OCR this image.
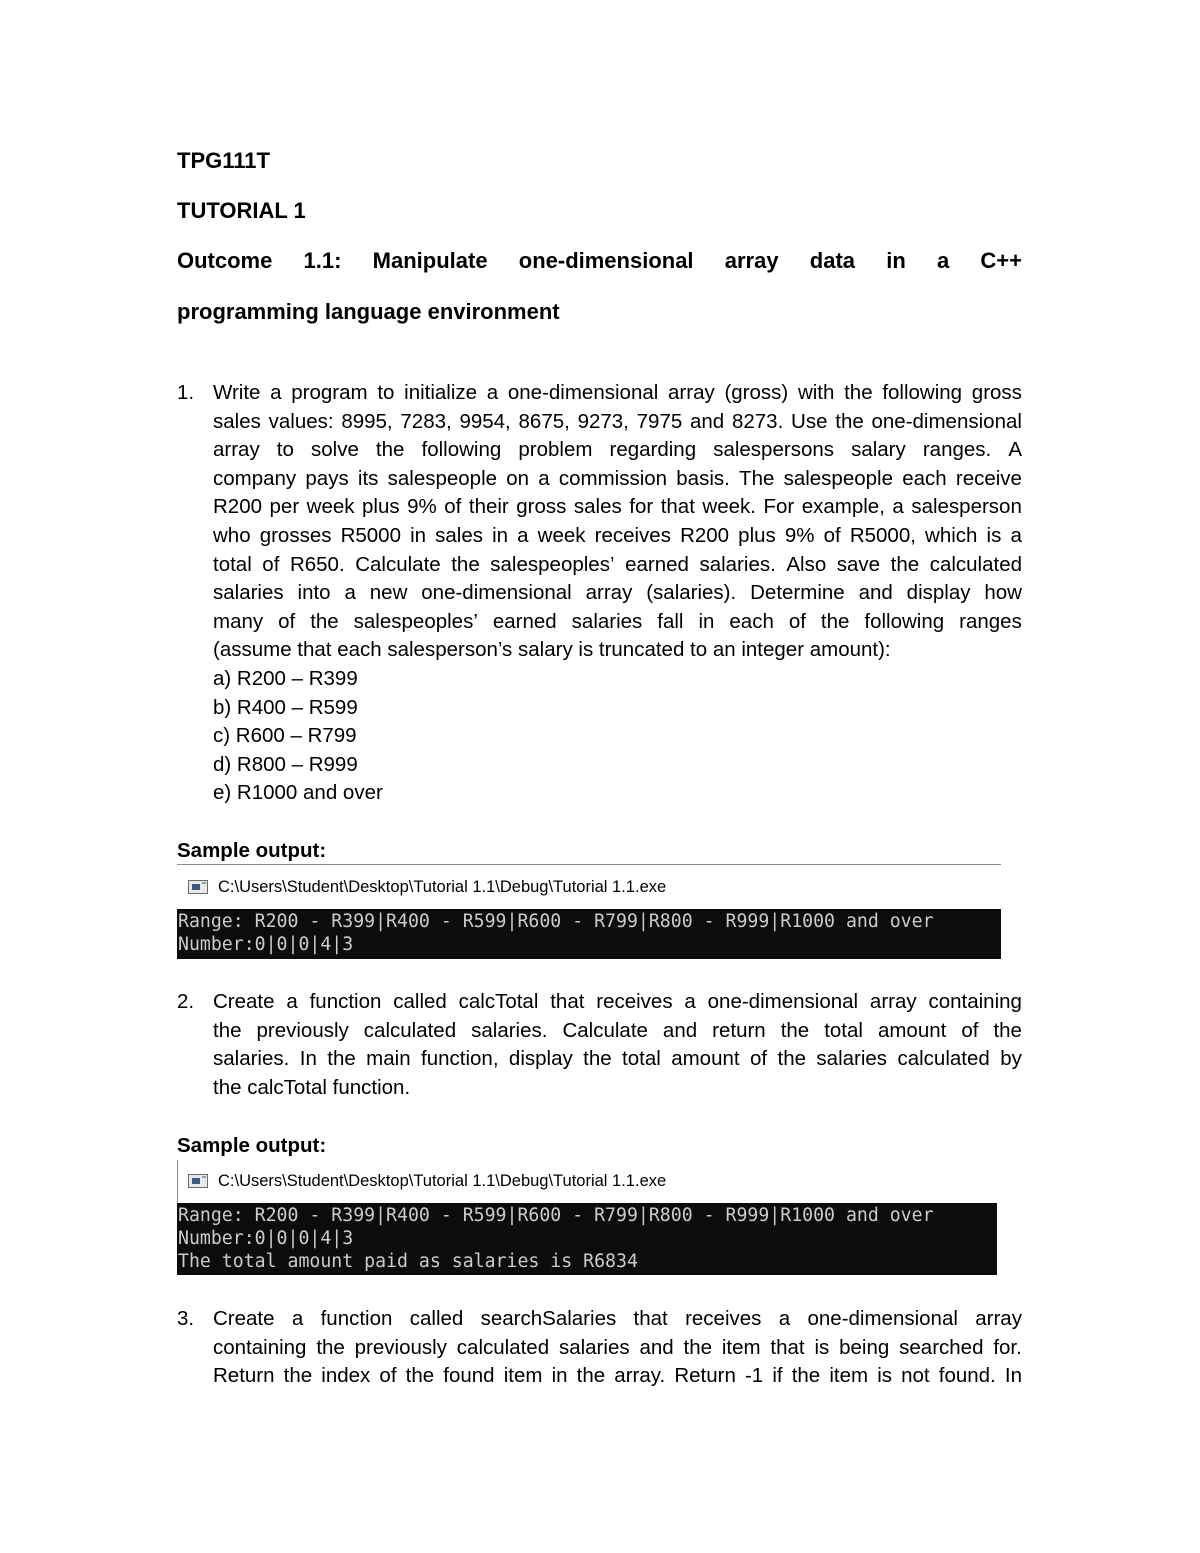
TPG111T
TUTORIAL 1
Outcome 1.1: Manipulate one-dimensional array data in a C++
programming language environment
1. Write a program to initialize a one-dimensional array (gross) with the following gross
sales values: 8995, 7283, 9954, 8675, 9273, 7975 and 8273. Use the one-dimensional
array to solve the following problem regarding salespersons salary ranges. A
company pays its salespeople on a commission basis. The salespeople each receive
R200 per week plus 9% of their gross sales for that week. For example, a salesperson
who grosses R5000 in sales in a week receives R200 plus 9% of R5000, which is a
total of R650. Calculate the salespeoples’ earned salaries. Also save the calculated
salaries into a new one-dimensional array (salaries). Determine and display how
many of the salespeoples’ earned salaries fall in each of the following ranges
(assume that each salesperson’s salary is truncated to an integer amount):
a) R200 – R399
b) R400 – R599
c) R600 – R799
d) R800 – R999
e) R1000 and over
Sample output:
C:\Users\Student\Desktop\Tutorial 1.1\Debug\Tutorial 1.1.exe
Range: R200 - R399|R400 - R599|R600 - R799|R800 - R999|R1000 and over
Number:0|0|0|4|3
2. Create a function called calcTotal that receives a one-dimensional array containing
the previously calculated salaries. Calculate and return the total amount of the
salaries. In the main function, display the total amount of the salaries calculated by
the calcTotal function.
Sample output:
C:\Users\Student\Desktop\Tutorial 1.1\Debug\Tutorial 1.1.exe
Range: R200 - R399|R400 - R599|R600 - R799|R800 - R999|R1000 and over
Number:0|0|0|4|3
The total amount paid as salaries is R6834
3. Create a function called searchSalaries that receives a one-dimensional array
containing the previously calculated salaries and the item that is being searched for.
Return the index of the found item in the array. Return -1 if the item is not found. In
